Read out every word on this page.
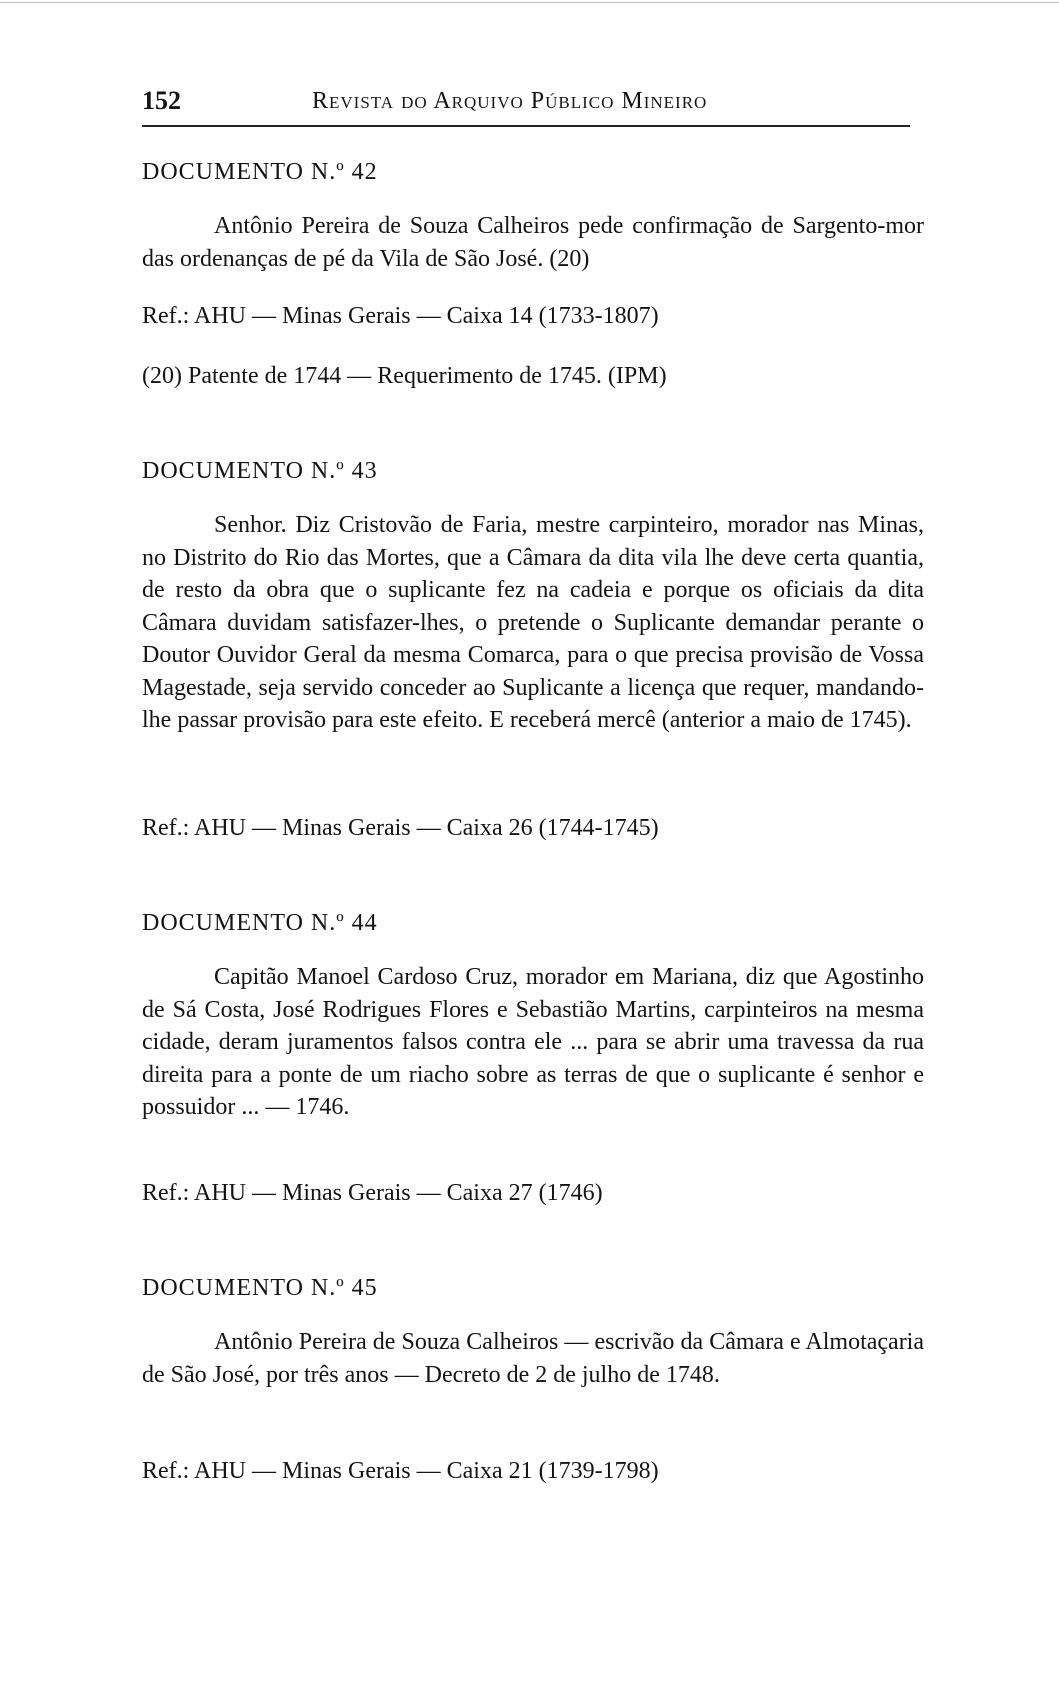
152	Revista do Arquivo Público Mineiro

DOCUMENTO N.º 42

Antônio Pereira de Souza Calheiros pede confirmação de Sargento-mor das ordenanças de pé da Vila de São José. (20)

Ref.: AHU — Minas Gerais — Caixa 14 (1733-1807)

(20) Patente de 1744 — Requerimento de 1745. (IPM)

DOCUMENTO N.º 43

Senhor. Diz Cristovão de Faria, mestre carpinteiro, morador nas Minas, no Distrito do Rio das Mortes, que a Câmara da dita vila lhe deve certa quantia, de resto da obra que o suplicante fez na cadeia e porque os oficiais da dita Câmara duvidam satisfazer-lhes, o pretende o Suplicante demandar perante o Doutor Ouvidor Geral da mesma Comarca, para o que precisa provisão de Vossa Magestade, seja servido conceder ao Suplicante a licença que requer, mandando-lhe passar provisão para este efeito. E receberá mercê (anterior a maio de 1745).

Ref.: AHU — Minas Gerais — Caixa 26 (1744-1745)

DOCUMENTO N.º 44

Capitão Manoel Cardoso Cruz, morador em Mariana, diz que Agostinho de Sá Costa, José Rodrigues Flores e Sebastião Martins, carpinteiros na mesma cidade, deram juramentos falsos contra ele ... para se abrir uma travessa da rua direita para a ponte de um riacho sobre as terras de que o suplicante é senhor e possuidor ... — 1746.

Ref.: AHU — Minas Gerais — Caixa 27 (1746)

DOCUMENTO N.º 45

Antônio Pereira de Souza Calheiros — escrivão da Câmara e Almotaçaria de São José, por três anos — Decreto de 2 de julho de 1748.

Ref.: AHU — Minas Gerais — Caixa 21 (1739-1798)
